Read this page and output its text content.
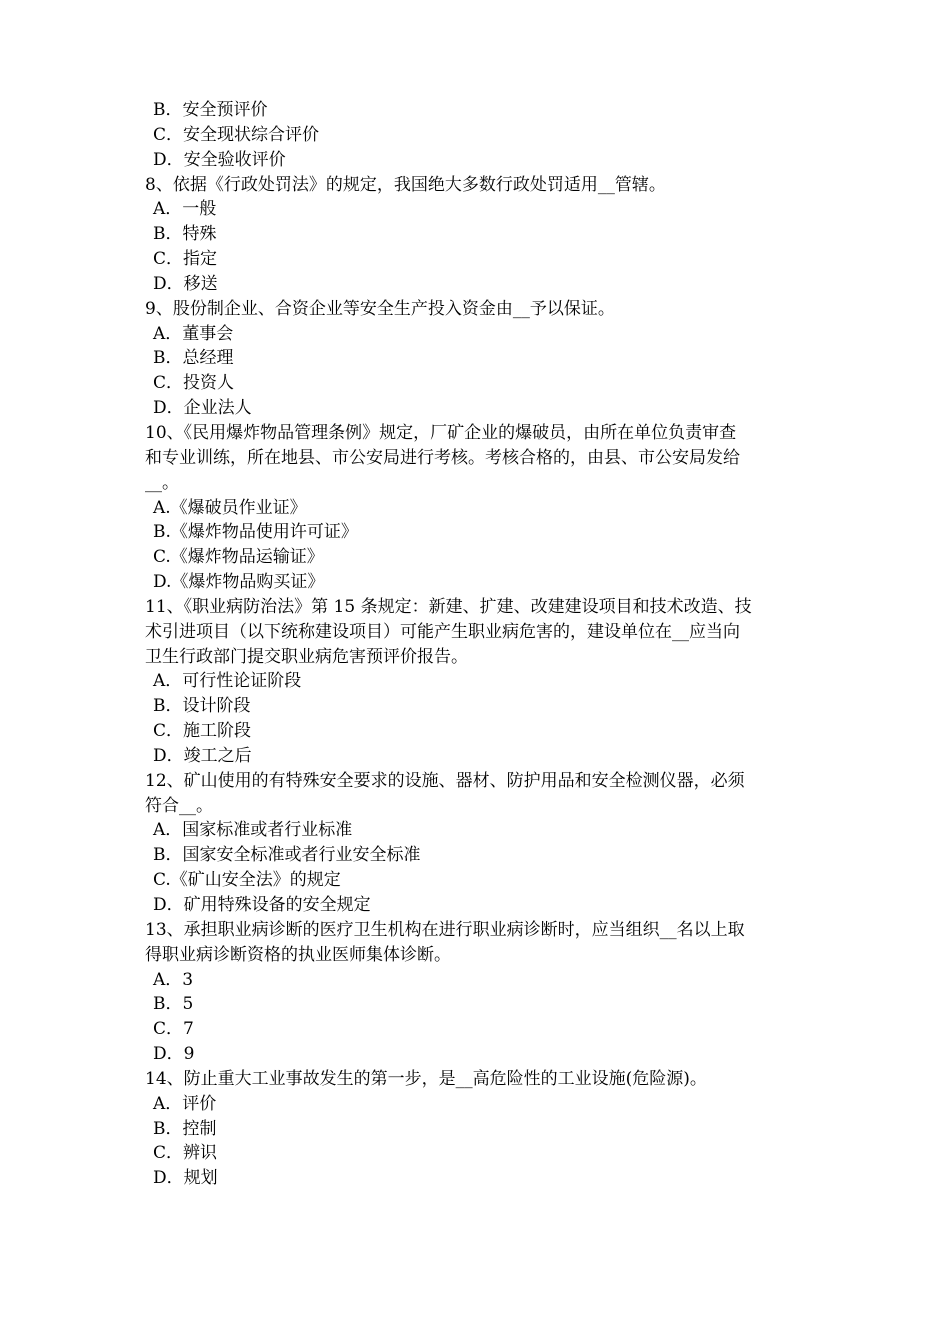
B．安全预评价
C．安全现状综合评价
D．安全验收评价
8、依据《行政处罚法》的规定，我国绝大多数行政处罚适用__管辖。
A．一般
B．特殊
C．指定
D．移送
9、股份制企业、合资企业等安全生产投入资金由__予以保证。
A．董事会
B．总经理
C．投资人
D．企业法人
10、《民用爆炸物品管理条例》规定，厂矿企业的爆破员，由所在单位负责审查
和专业训练，所在地县、市公安局进行考核。考核合格的，由县、市公安局发给
__。
A.《爆破员作业证》
B.《爆炸物品使用许可证》
C.《爆炸物品运输证》
D.《爆炸物品购买证》
11、《职业病防治法》第 15 条规定：新建、扩建、改建建设项目和技术改造、技
术引进项目（以下统称建设项目）可能产生职业病危害的，建设单位在__应当向
卫生行政部门提交职业病危害预评价报告。
A．可行性论证阶段
B．设计阶段
C．施工阶段
D．竣工之后
12、矿山使用的有特殊安全要求的设施、器材、防护用品和安全检测仪器，必须
符合__。
A．国家标准或者行业标准
B．国家安全标准或者行业安全标准
C.《矿山安全法》的规定
D．矿用特殊设备的安全规定
13、承担职业病诊断的医疗卫生机构在进行职业病诊断时，应当组织__名以上取
得职业病诊断资格的执业医师集体诊断。
A．3
B．5
C．7
D．9
14、防止重大工业事故发生的第一步，是__高危险性的工业设施(危险源)。
A．评价
B．控制
C．辨识
D．规划
